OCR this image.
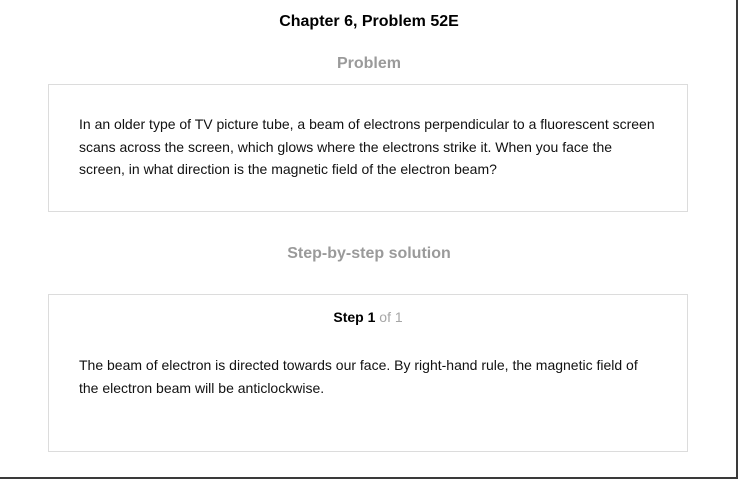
Chapter 6, Problem 52E
Problem
In an older type of TV picture tube, a beam of electrons perpendicular to a fluorescent screen scans across the screen, which glows where the electrons strike it. When you face the screen, in what direction is the magnetic field of the electron beam?
Step-by-step solution
Step 1 of 1
The beam of electron is directed towards our face. By right-hand rule, the magnetic field of the electron beam will be anticlockwise.
